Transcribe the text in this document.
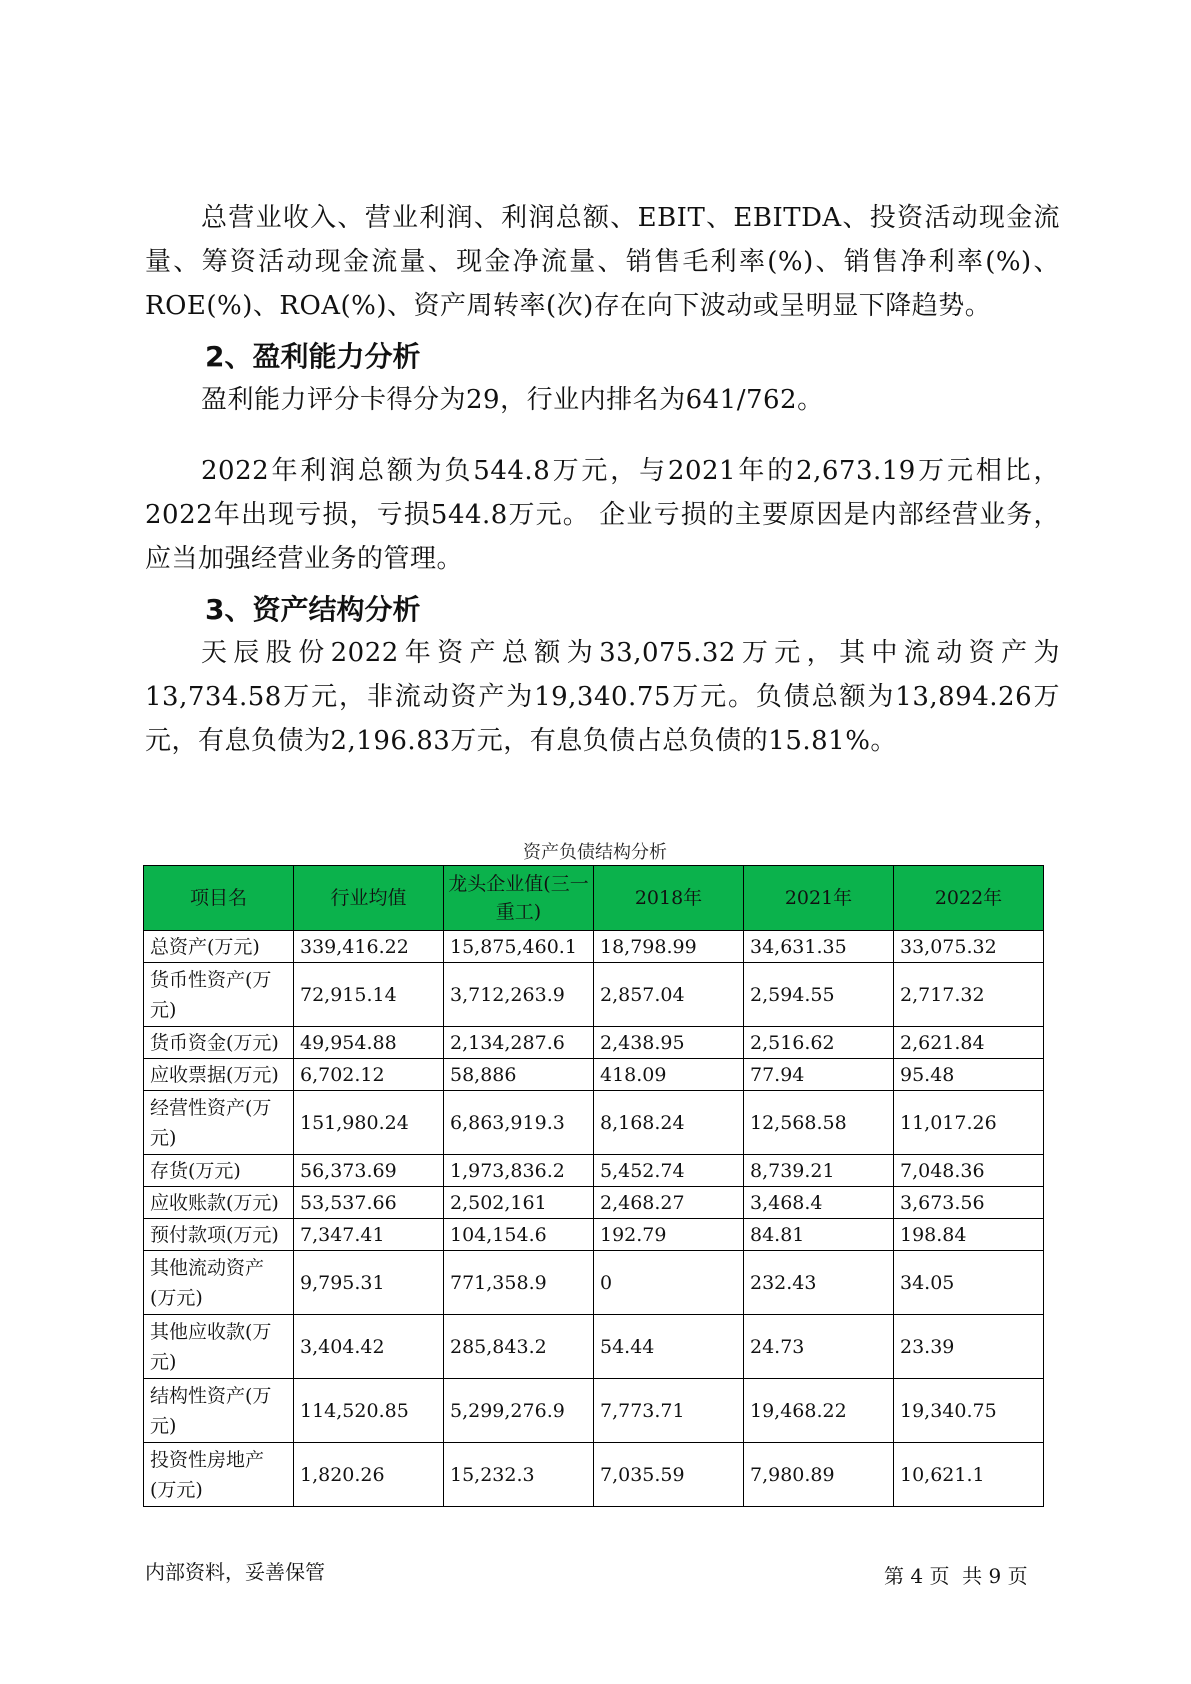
总营业收入、营业利润、利润总额、EBIT、EBITDA、投资活动现金流量、筹资活动现金流量、现金净流量、销售毛利率(%)、销售净利率(%)、ROE(%)、ROA(%)、资产周转率(次)存在向下波动或呈明显下降趋势。

2、盈利能力分析

盈利能力评分卡得分为29，行业内排名为641/762。

2022年利润总额为负544.8万元，与2021年的2,673.19万元相比，2022年出现亏损，亏损544.8万元。 企业亏损的主要原因是内部经营业务，应当加强经营业务的管理。

3、资产结构分析

天辰股份2022年资产总额为33,075.32万元，其中流动资产为13,734.58万元，非流动资产为19,340.75万元。负债总额为13,894.26万元，有息负债为2,196.83万元，有息负债占总负债的15.81%。

资产负债结构分析
项目名	行业均值	龙头企业值(三一重工)	2018年	2021年	2022年
总资产(万元)	339,416.22	15,875,460.1	18,798.99	34,631.35	33,075.32
货币性资产(万元)	72,915.14	3,712,263.9	2,857.04	2,594.55	2,717.32
货币资金(万元)	49,954.88	2,134,287.6	2,438.95	2,516.62	2,621.84
应收票据(万元)	6,702.12	58,886	418.09	77.94	95.48
经营性资产(万元)	151,980.24	6,863,919.3	8,168.24	12,568.58	11,017.26
存货(万元)	56,373.69	1,973,836.2	5,452.74	8,739.21	7,048.36
应收账款(万元)	53,537.66	2,502,161	2,468.27	3,468.4	3,673.56
预付款项(万元)	7,347.41	104,154.6	192.79	84.81	198.84
其他流动资产(万元)	9,795.31	771,358.9	0	232.43	34.05
其他应收款(万元)	3,404.42	285,843.2	54.44	24.73	23.39
结构性资产(万元)	114,520.85	5,299,276.9	7,773.71	19,468.22	19,340.75
投资性房地产(万元)	1,820.26	15,232.3	7,035.59	7,980.89	10,621.1
内部资料，妥善保管	第 4 页  共 9 页
